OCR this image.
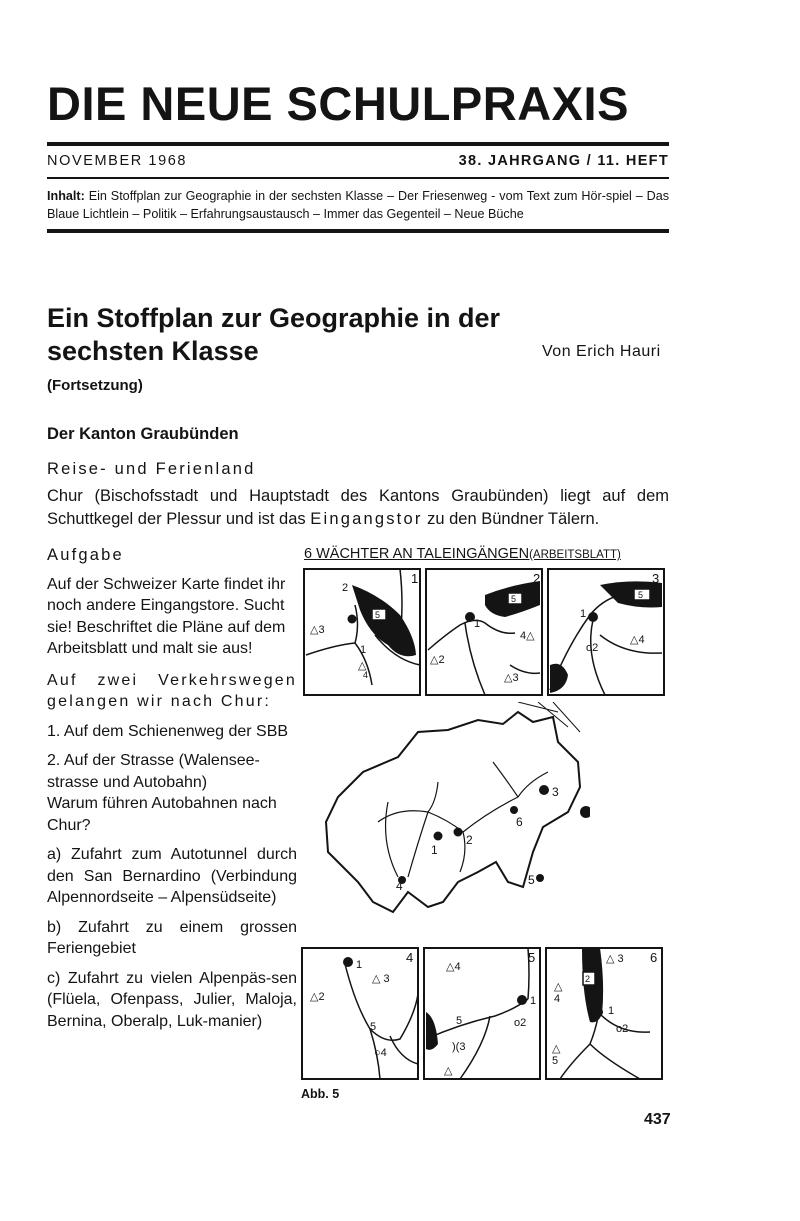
DIE NEUE SCHULPRAXIS
NOVEMBER 1968	38. JAHRGANG / 11. HEFT
Inhalt: Ein Stoffplan zur Geographie in der sechsten Klasse – Der Friesenweg - vom Text zum Hör-spiel – Das Blaue Lichtlein – Politik – Erfahrungsaustausch – Immer das Gegenteil – Neue Büche
Ein Stoffplan zur Geographie in der sechsten Klasse	Von Erich Hauri
(Fortsetzung)
Der Kanton Graubünden
Reise- und Ferienland
Chur (Bischofsstadt und Hauptstadt des Kantons Graubünden) liegt auf dem Schuttkegel der Plessur und ist das Eingangstor zu den Bündner Tälern.

Aufgabe

Auf der Schweizer Karte findet ihr noch andere Eingangstore. Sucht sie! Beschriftet die Pläne auf dem Arbeitsblatt und malt sie aus!

Auf zwei Verkehrswegen gelangen wir nach Chur:

1. Auf dem Schienenweg der SBB

2. Auf der Strasse (Walensee-strasse und Autobahn)

Warum führen Autobahnen nach Chur?

a) Zufahrt zum Autotunnel durch den San Bernardino (Verbindung Alpennordseite – Alpensüdseite)

b) Zufahrt zu einem grossen Feriengebiet

c) Zufahrt zu vielen Alpenpäs-sen (Flüela, Ofenpass, Julier, Maloja, Bernina, Oberalp, Luk-manier)

6 WÄCHTER AN TALEINGÄNGEN(ARBEITSBLATT)
5
5	5
1	2	3
2
1
4
△3
△
1
4△
△2
△3
1
o2
△4
3
3
6
1
2
4	5
2
4	5	6
1
△ 3
△2
5
○4
△4
5
1
o2
)(3
△
△ 3
△
4
1
o2
△
5
Abb. 5
437
